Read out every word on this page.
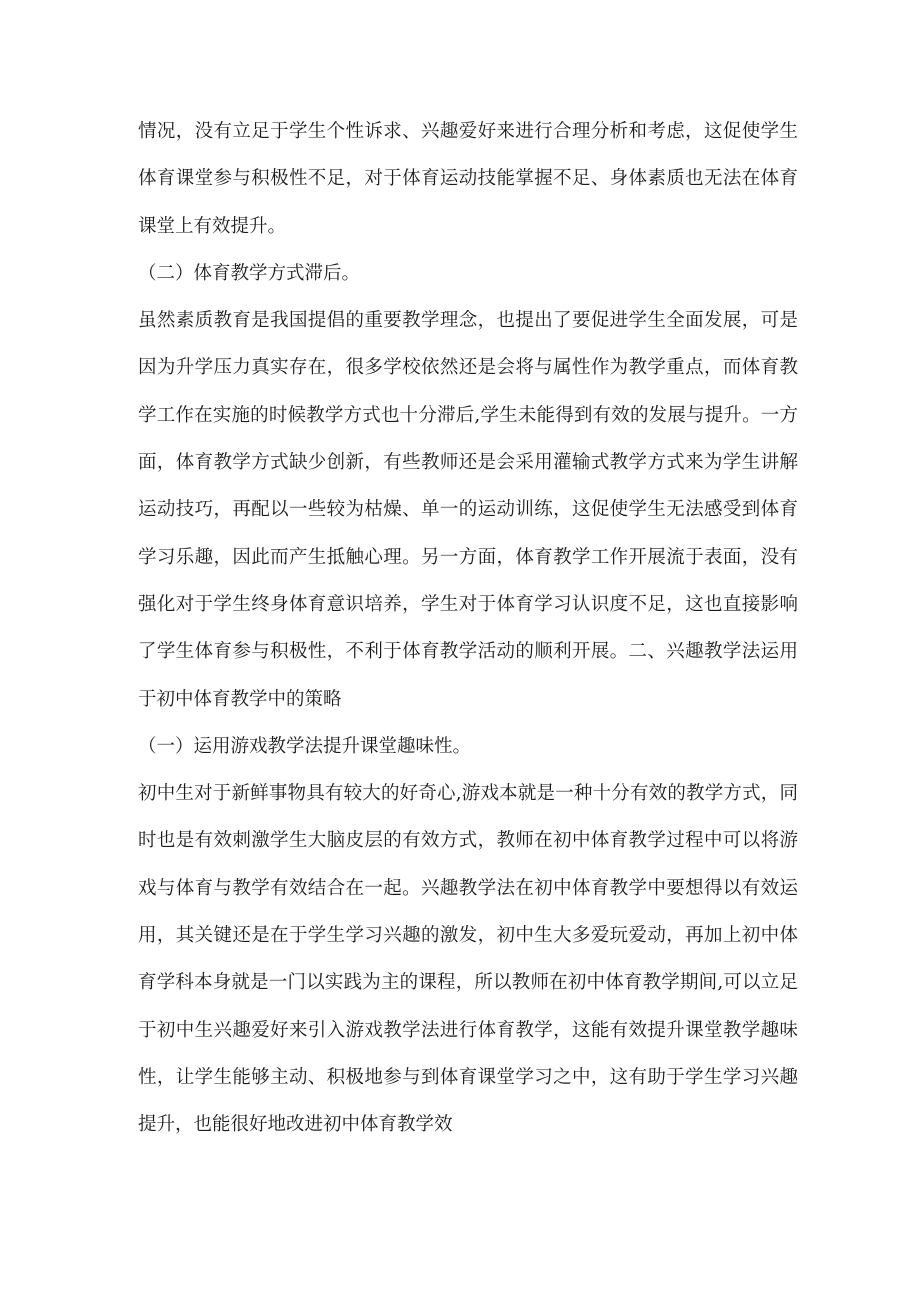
情况，没有立足于学生个性诉求、兴趣爱好来进行合理分析和考虑，这促使学生体育课堂参与积极性不足，对于体育运动技能掌握不足、身体素质也无法在体育课堂上有效提升。

（二）体育教学方式滞后。

虽然素质教育是我国提倡的重要教学理念，也提出了要促进学生全面发展，可是因为升学压力真实存在，很多学校依然还是会将与属性作为教学重点，而体育教学工作在实施的时候教学方式也十分滞后,学生未能得到有效的发展与提升。一方面，体育教学方式缺少创新，有些教师还是会采用灌输式教学方式来为学生讲解运动技巧，再配以一些较为枯燥、单一的运动训练，这促使学生无法感受到体育学习乐趣，因此而产生抵触心理。另一方面，体育教学工作开展流于表面，没有强化对于学生终身体育意识培养，学生对于体育学习认识度不足，这也直接影响了学生体育参与积极性，不利于体育教学活动的顺利开展。二、兴趣教学法运用于初中体育教学中的策略

（一）运用游戏教学法提升课堂趣味性。

初中生对于新鲜事物具有较大的好奇心,游戏本就是一种十分有效的教学方式，同时也是有效刺激学生大脑皮层的有效方式，教师在初中体育教学过程中可以将游戏与体育与教学有效结合在一起。兴趣教学法在初中体育教学中要想得以有效运用，其关键还是在于学生学习兴趣的激发，初中生大多爱玩爱动，再加上初中体育学科本身就是一门以实践为主的课程，所以教师在初中体育教学期间,可以立足于初中生兴趣爱好来引入游戏教学法进行体育教学，这能有效提升课堂教学趣味性，让学生能够主动、积极地参与到体育课堂学习之中，这有助于学生学习兴趣提升，也能很好地改进初中体育教学效
